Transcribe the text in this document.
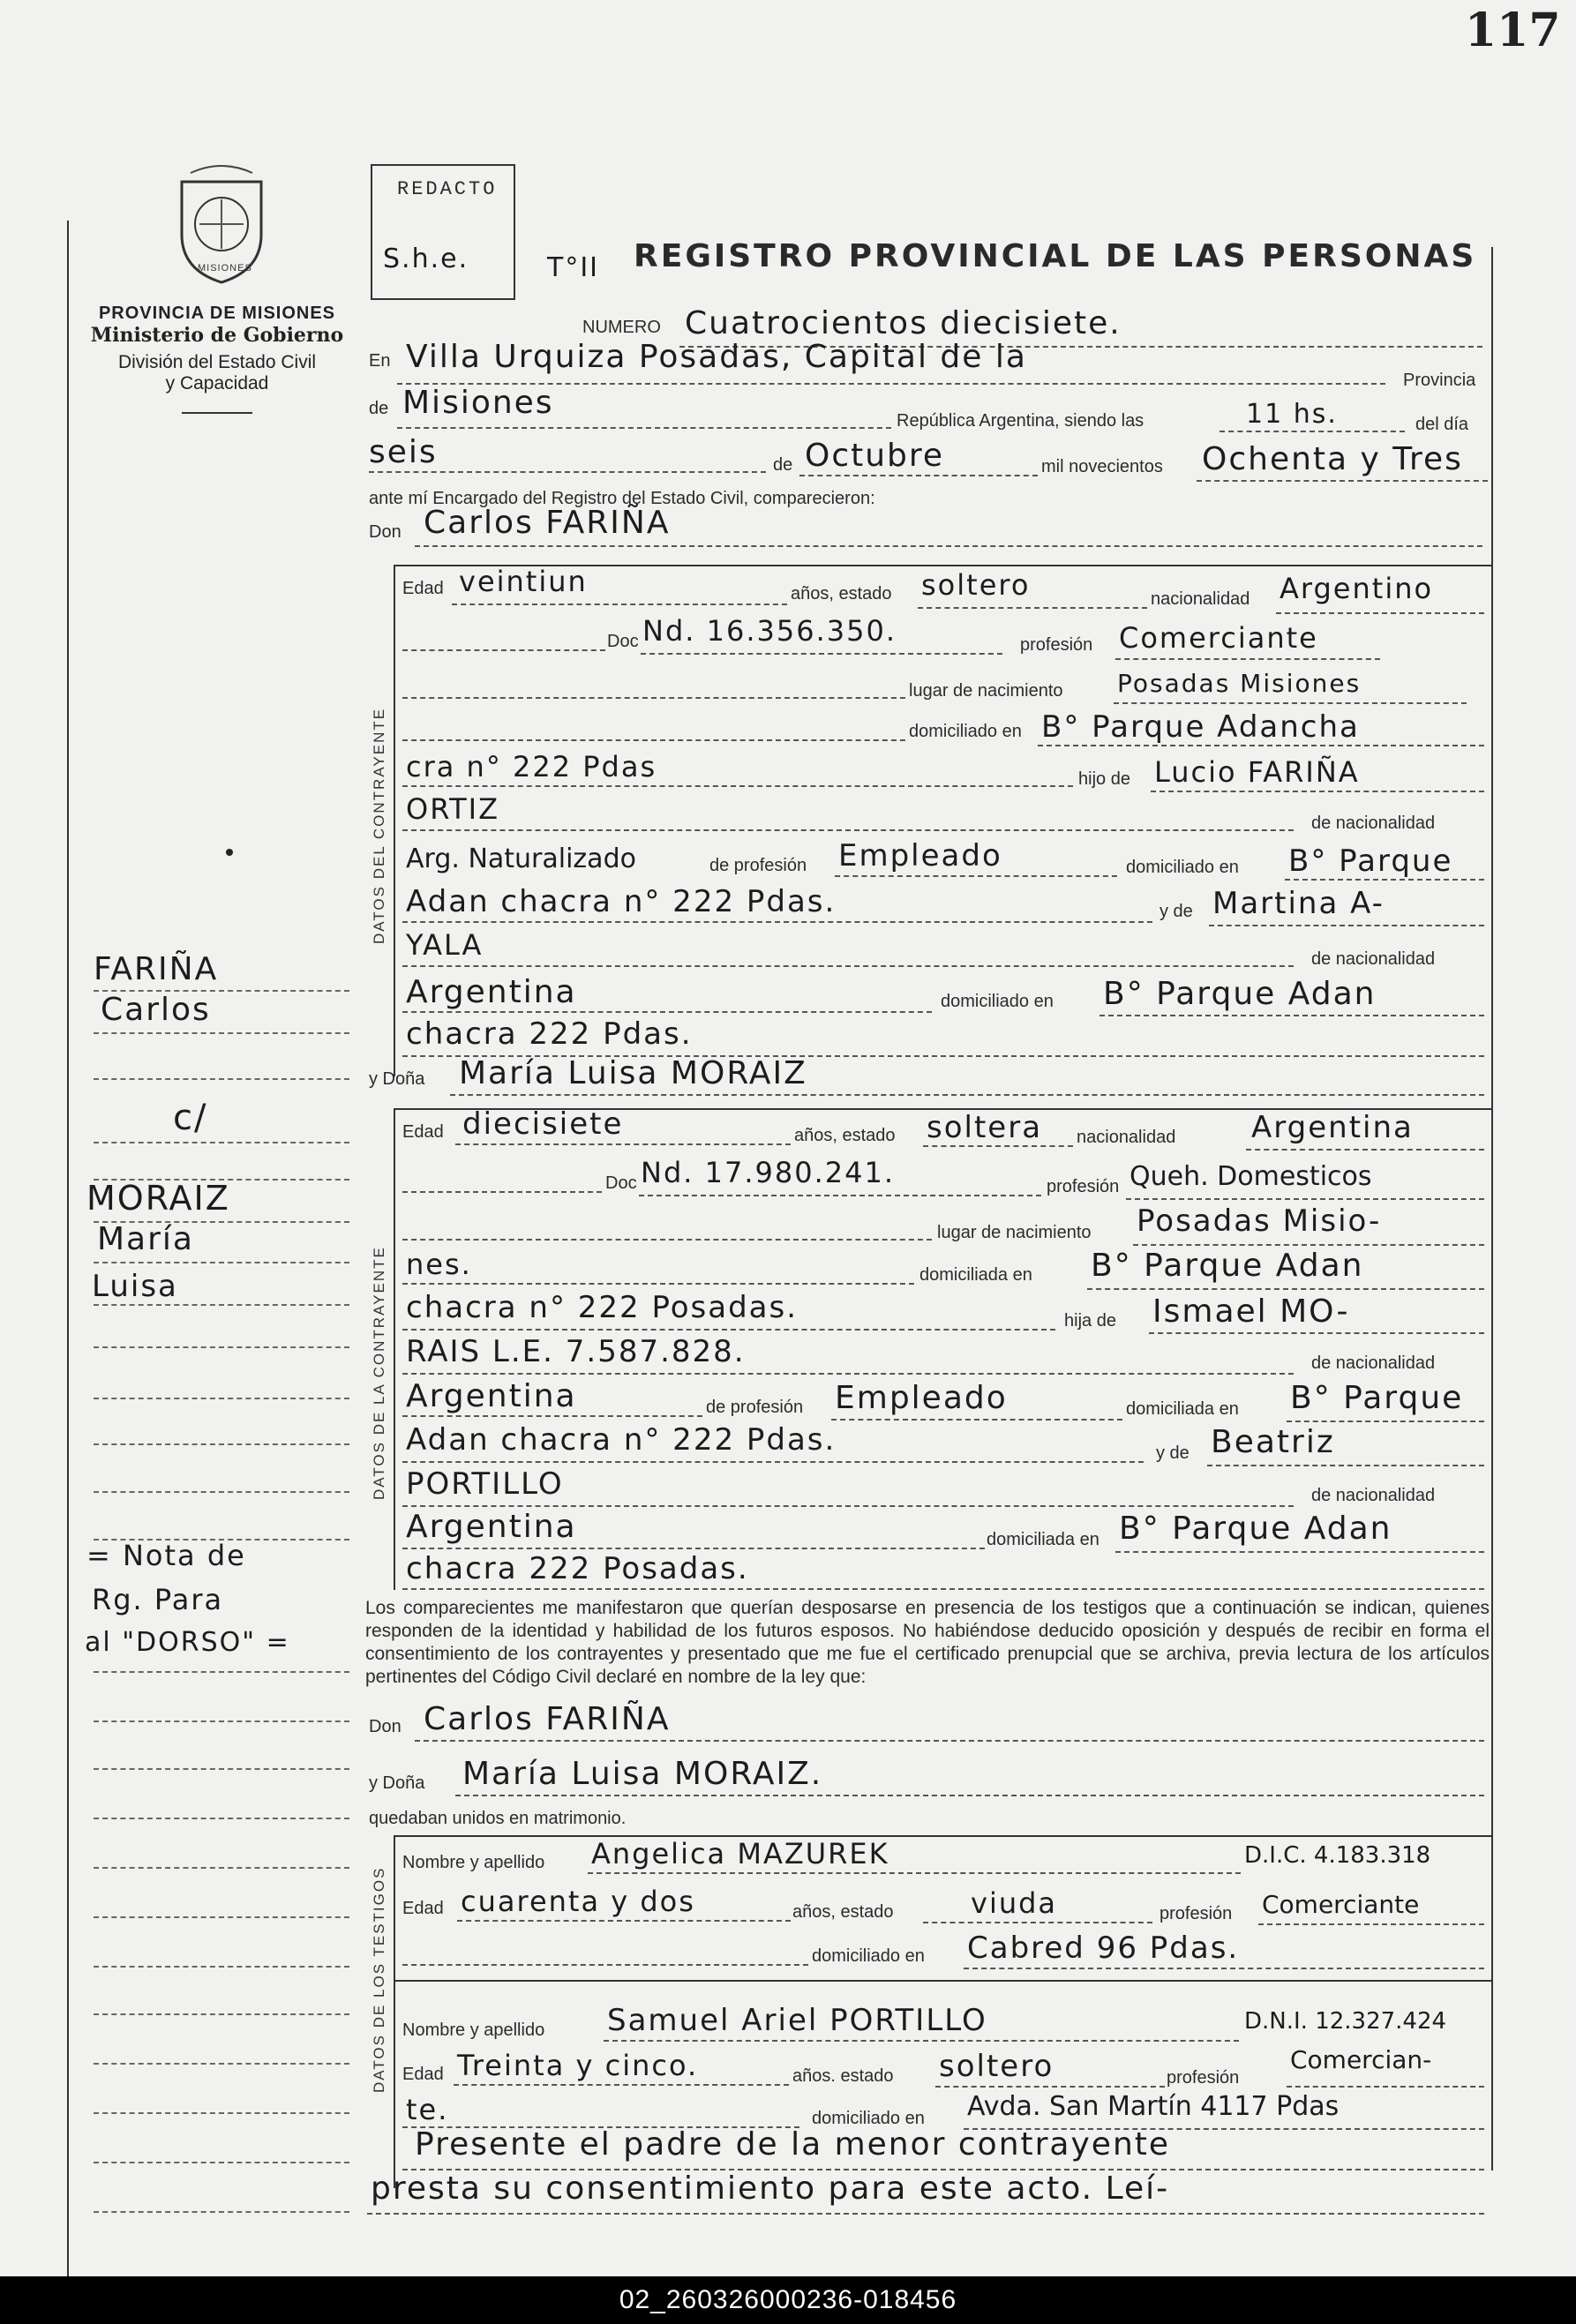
117
MISIONES
PROVINCIA DE MISIONES
Ministerio de Gobierno
División del Estado Civil
y Capacidad
REDACTO
S.h.e.	T°II REGISTRO PROVINCIAL DE LAS PERSONAS
NUMERO Cuatrocientos diecisiete.
En Villa Urquiza Posadas, Capital de la
Provincia
de Misiones	República Argentina, siendo las	11 hs.	del día
seis	de Octubre	mil novecientos Ochenta y Tres
ante mí Encargado del Registro del Estado Civil, comparecieron:
Don Carlos FARIÑA
DATOS DEL CONTRAYENTE
Edad veintiun	años, estado soltero	nacionalidad Argentino
Doc Nd. 16.356.350.	profesión Comerciante
lugar de nacimiento Posadas Misiones
domiciliado en B° Parque Adancha
cra n° 222 Pdas	hijo de Lucio FARIÑA
ORTIZ	de nacionalidad
Arg. Naturalizado	de profesión Empleado	domiciliado en B° Parque
Adan chacra n° 222 Pdas.	y de Martina A-
YALA	de nacionalidad
Argentina	domiciliado en B° Parque Adan
chacra 222 Pdas.
y Doña María Luisa MORAIZ
DATOS DE LA CONTRAYENTE
Edad diecisiete	años, estado soltera nacionalidad	Argentina
Doc Nd. 17.980.241.	profesión Queh. Domesticos
lugar de nacimiento Posadas Misio-
nes.	domiciliada en B° Parque Adan
chacra n° 222 Posadas.	hija de Ismael MO-
RAIS L.E. 7.587.828.	de nacionalidad
Argentina	de profesión Empleado	domiciliada en B° Parque
Adan chacra n° 222 Pdas.	y de Beatriz
PORTILLO	de nacionalidad
Argentina	domiciliada en B° Parque Adan
chacra 222 Posadas.
Los comparecientes me manifestaron que querían desposarse en presencia de los testigos que a continuación se indican, quienes responden de la identidad y habilidad de los futuros esposos. No habiéndose deducido oposición y después de recibir en forma el consentimiento de los contrayentes y presentado que me fue el certificado prenupcial que se archiva, previa lectura de los artículos pertinentes del Código Civil declaré en nombre de la ley que:
Don Carlos FARIÑA
y Doña María Luisa MORAIZ.
quedaban unidos en matrimonio.
DATOS DE LOS TESTIGOS
Nombre y apellido Angelica MAZUREK	D.I.C. 4.183.318
Edad cuarenta y dos	años, estado	viuda	profesión Comerciante
domiciliado en Cabred 96 Pdas.
Nombre y apellido Samuel Ariel PORTILLO	D.N.I. 12.327.424
Edad Treinta y cinco.	años. estado soltero	profesión
Comercian-
te.	domiciliado en Avda. San Martín 4117 Pdas
Presente el padre de la menor contrayente
presta su consentimiento para este acto. Leí-
FARIÑA
Carlos
c/
MORAIZ
María
Luisa
= Nota de
Rg. Para
al "DORSO" =
02_260326000236-018456
